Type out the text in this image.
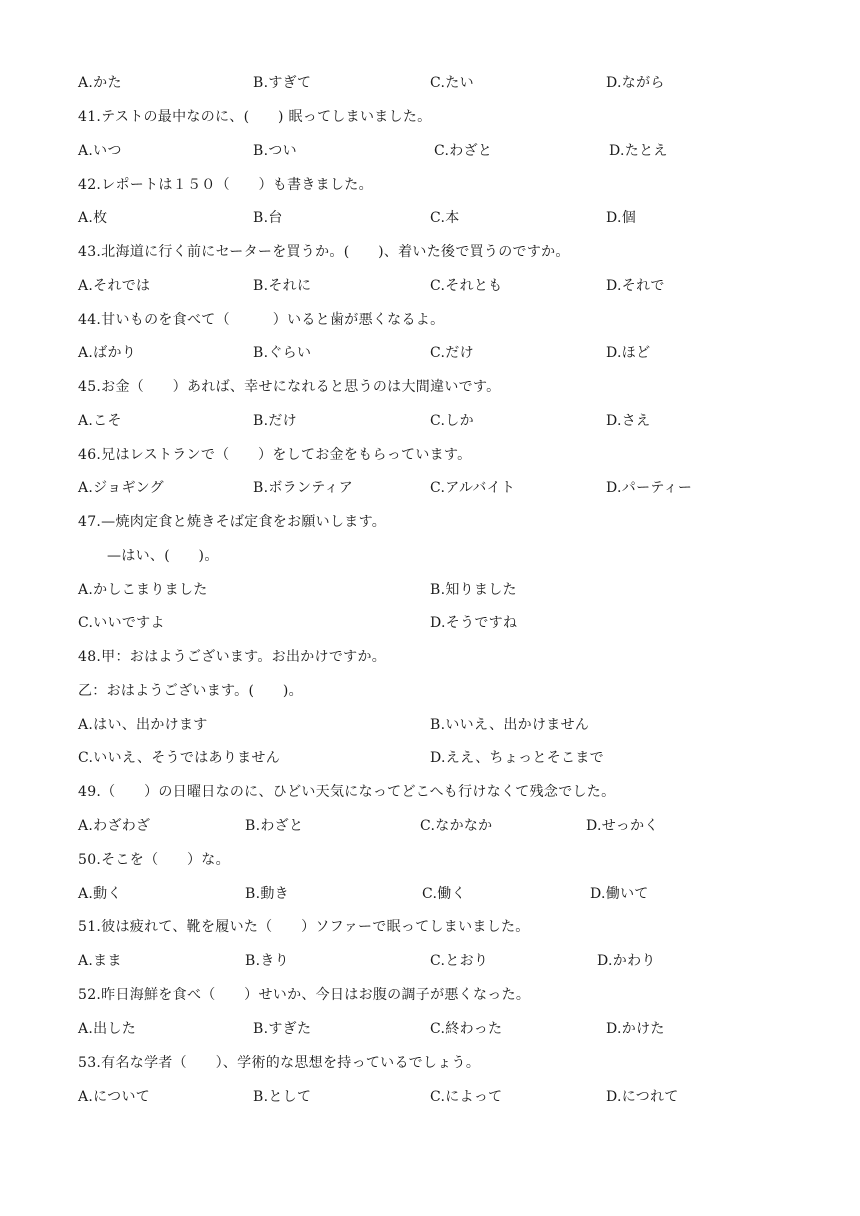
A.かた	B.すぎて	C.たい	D.ながら
41.テストの最中なのに、(　　) 眠ってしまいました。
A.いつ	B.つい	C.わざと	D.たとえ
42.レポートは１５０（　　）も書きました。
A.枚	B.台	C.本	D.個
43.北海道に行く前にセーターを買うか。(　　)、着いた後で買うのですか。
A.それでは	B.それに	C.それとも	D.それで
44.甘いものを食べて（　　　）いると歯が悪くなるよ。
A.ばかり	B.ぐらい	C.だけ	D.ほど
45.お金（　　）あれば、幸せになれると思うのは大間違いです。
A.こそ	B.だけ	C.しか	D.さえ
46.兄はレストランで（　　）をしてお金をもらっています。
A.ジョギング	B.ボランティア	C.アルバイト	D.パーティー
47.—焼肉定食と焼きそば定食をお願いします。
—はい、(　　)。
A.かしこまりました	B.知りました
C.いいですよ	D.そうですね
48.甲：おはようございます。お出かけですか。
乙：おはようございます。(　　)。
A.はい、出かけます	B.いいえ、出かけません
C.いいえ、そうではありません	D.ええ、ちょっとそこまで
49.（　　）の日曜日なのに、ひどい天気になってどこへも行けなくて残念でした。
A.わざわざ	B.わざと	C.なかなか	D.せっかく
50.そこを（　　）な。
A.動く	B.動き	C.働く	D.働いて
51.彼は疲れて、靴を履いた（　　）ソファーで眠ってしまいました。
A.まま	B.きり	C.とおり	D.かわり
52.昨日海鮮を食べ（　　）せいか、今日はお腹の調子が悪くなった。
A.出した	B.すぎた	C.終わった	D.かけた
53.有名な学者（　　）、学術的な思想を持っているでしょう。
A.について	B.として	C.によって	D.につれて
